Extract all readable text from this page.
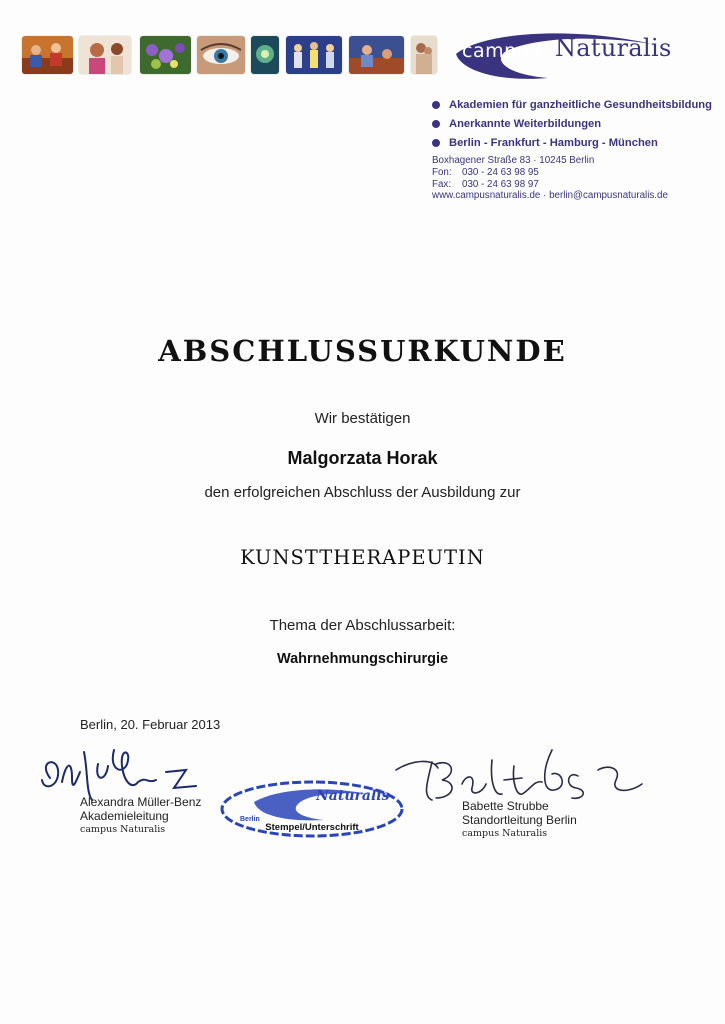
campus Naturalis
Akademien für ganzheitliche Gesundheitsbildung
Anerkannte Weiterbildungen
Berlin - Frankfurt - Hamburg - München
Boxhagener Straße 83 · 10245 Berlin
Fon: 030 - 24 63 98 95
Fax: 030 - 24 63 98 97
www.campusnaturalis.de · berlin@campusnaturalis.de
ABSCHLUSSURKUNDE
Wir bestätigen
Malgorzata Horak
den erfolgreichen Abschluss der Ausbildung zur
KUNSTTHERAPEUTIN
Thema der Abschlussarbeit:
Wahrnehmungschirurgie
Berlin, 20. Februar 2013
Alexandra Müller-Benz
Akademieleitung
campus Naturalis
Naturalis
Berlin
Stempel/Unterschrift
Babette Strubbe
Standortleitung Berlin
campus Naturalis
